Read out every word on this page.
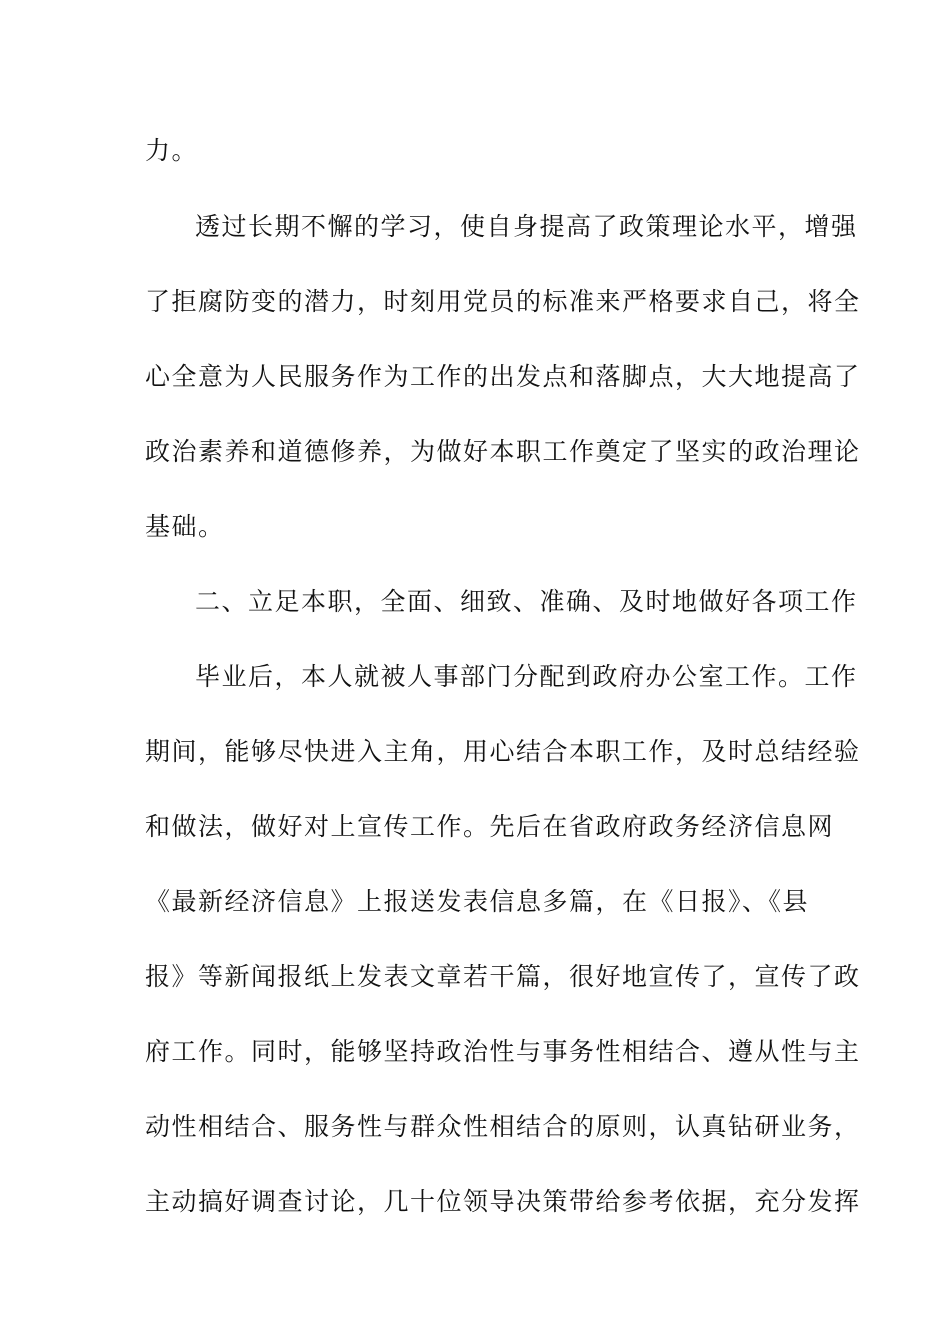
力。
透过长期不懈的学习，使自身提高了政策理论水平，增强
了拒腐防变的潜力，时刻用党员的标准来严格要求自己，将全
心全意为人民服务作为工作的出发点和落脚点，大大地提高了
政治素养和道德修养，为做好本职工作奠定了坚实的政治理论
基础。
二、立足本职，全面、细致、准确、及时地做好各项工作
毕业后，本人就被人事部门分配到政府办公室工作。工作
期间，能够尽快进入主角，用心结合本职工作，及时总结经验
和做法，做好对上宣传工作。先后在省政府政务经济信息网
《最新经济信息》上报送发表信息多篇，在《日报》、《县
报》等新闻报纸上发表文章若干篇，很好地宣传了，宣传了政
府工作。同时，能够坚持政治性与事务性相结合、遵从性与主
动性相结合、服务性与群众性相结合的原则，认真钻研业务，
主动搞好调查讨论，几十位领导决策带给参考依据，充分发挥
